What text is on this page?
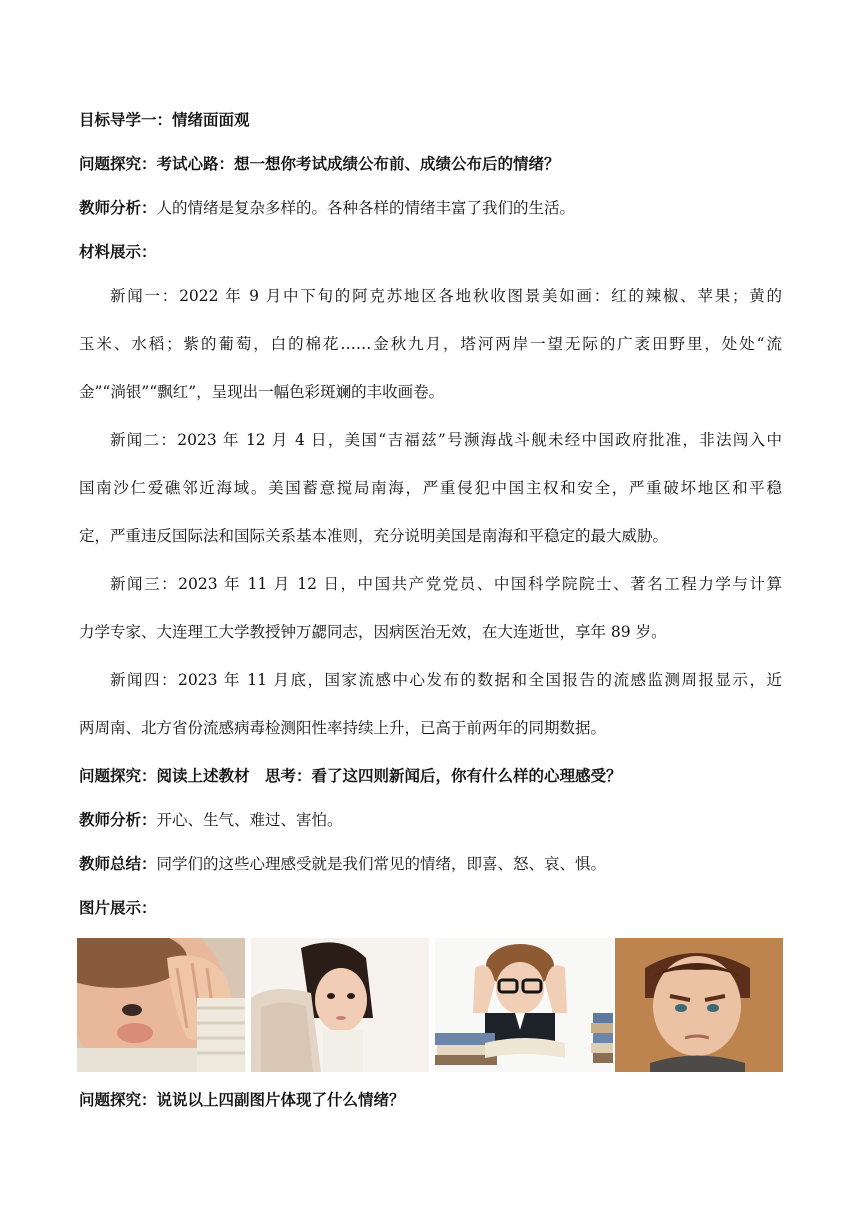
目标导学一：情绪面面观

问题探究：考试心路：想一想你考试成绩公布前、成绩公布后的情绪？

教师分析：人的情绪是复杂多样的。各种各样的情绪丰富了我们的生活。

材料展示：

新闻一：2022 年 9 月中下旬的阿克苏地区各地秋收图景美如画：红的辣椒、苹果；黄的
玉米、水稻；紫的葡萄，白的棉花……金秋九月，塔河两岸一望无际的广袤田野里，处处“流
金”“淌银”“飘红”，呈现出一幅色彩斑斓的丰收画卷。
新闻二：2023 年 12 月 4 日，美国“吉福兹”号濒海战斗舰未经中国政府批准，非法闯入中
国南沙仁爱礁邻近海域。美国蓄意搅局南海，严重侵犯中国主权和安全，严重破坏地区和平稳
定，严重违反国际法和国际关系基本准则，充分说明美国是南海和平稳定的最大威胁。
新闻三：2023 年 11 月 12 日，中国共产党党员、中国科学院院士、著名工程力学与计算
力学专家、大连理工大学教授钟万勰同志，因病医治无效，在大连逝世，享年 89 岁。
新闻四：2023 年 11 月底，国家流感中心发布的数据和全国报告的流感监测周报显示，近
两周南、北方省份流感病毒检测阳性率持续上升，已高于前两年的同期数据。

问题探究：阅读上述教材　思考：看了这四则新闻后，你有什么样的心理感受？

教师分析：开心、生气、难过、害怕。

教师总结：同学们的这些心理感受就是我们常见的情绪，即喜、怒、哀、惧。

图片展示：

问题探究：说说以上四副图片体现了什么情绪？
